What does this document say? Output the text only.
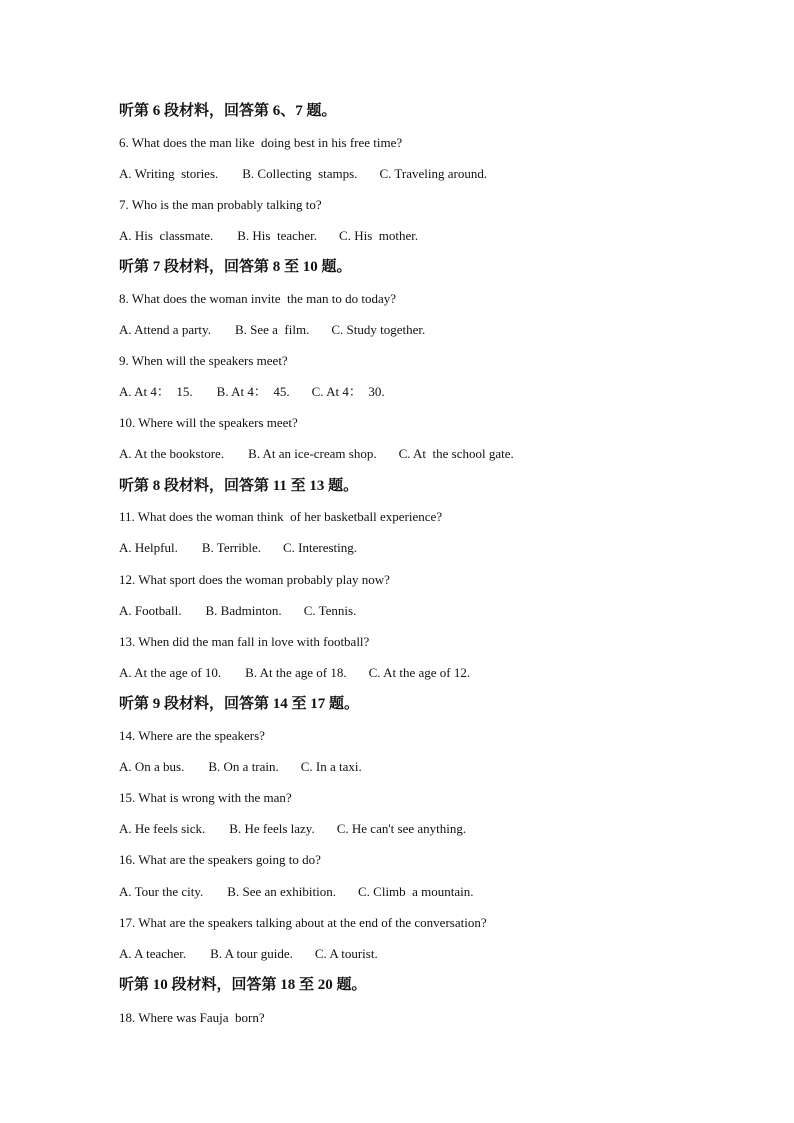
听第 6 段材料，回答第 6、7 题。
6. What does the man like  doing best in his free time?
A. Writing  stories. B. Collecting  stamps. C. Traveling around.
7. Who is the man probably talking to?
A. His  classmate. B. His  teacher. C. His  mother.
听第 7 段材料，回答第 8 至 10 题。
8. What does the woman invite  the man to do today?
A. Attend a party. B. See a  film. C. Study together.
9. When will the speakers meet?
A. At 4：  15. B. At 4：  45. C. At 4：  30.
10. Where will the speakers meet?
A. At the bookstore. B. At an ice-cream shop. C. At  the school gate.
听第 8 段材料，回答第 11 至 13 题。
11. What does the woman think  of her basketball experience?
A. Helpful. B. Terrible. C. Interesting.
12. What sport does the woman probably play now?
A. Football. B. Badminton. C. Tennis.
13. When did the man fall in love with football?
A. At the age of 10. B. At the age of 18. C. At the age of 12.
听第 9 段材料，回答第 14 至 17 题。
14. Where are the speakers?
A. On a bus. B. On a train. C. In a taxi.
15. What is wrong with the man?
A. He feels sick. B. He feels lazy. C. He can't see anything.
16. What are the speakers going to do?
A. Tour the city. B. See an exhibition. C. Climb  a mountain.
17. What are the speakers talking about at the end of the conversation?
A. A teacher. B. A tour guide. C. A tourist.
听第 10 段材料，回答第 18 至 20 题。
18. Where was Fauja  born?
